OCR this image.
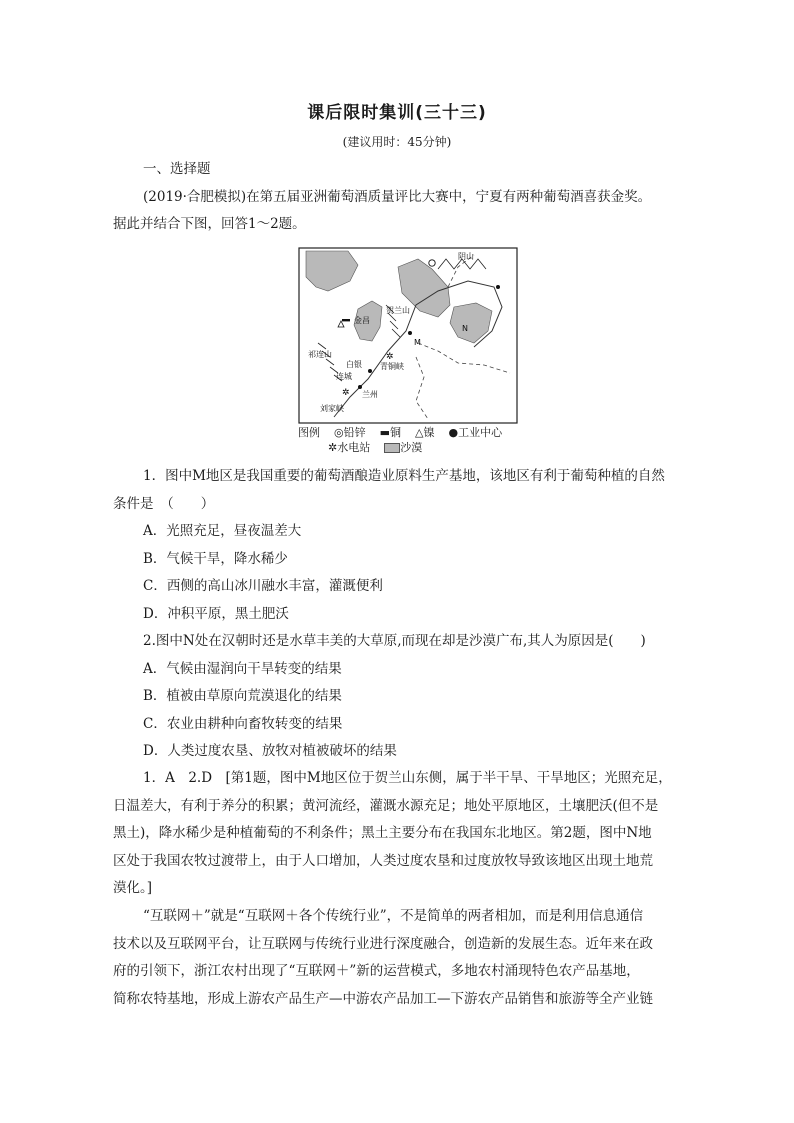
课后限时集训(三十三)
(建议用时：45分钟)
一、选择题
(2019·合肥模拟)在第五届亚洲葡萄酒质量评比大赛中，宁夏有两种葡萄酒喜获金奖。
据此并结合下图，回答1～2题。
✲
✲
阴山
金昌
贺兰山
祁连山
白银 青铜峡
连城
兰州
刘家峡
M
N
图例 ◎铅锌 ▬铜 △镍 ●工业中心
✲水电站	沙漠
1．图中M地区是我国重要的葡萄酒酿造业原料生产基地，该地区有利于葡萄种植的自然
条件是　（　　）
A．光照充足，昼夜温差大
B．气候干旱，降水稀少
C．西侧的高山冰川融水丰富，灌溉便利
D．冲积平原，黑土肥沃
2.图中N处在汉朝时还是水草丰美的大草原,而现在却是沙漠广布,其人为原因是(　　)
A．气候由湿润向干旱转变的结果
B．植被由草原向荒漠退化的结果
C．农业由耕种向畜牧转变的结果
D．人类过度农垦、放牧对植被破坏的结果
1．A　2.D　[第1题，图中M地区位于贺兰山东侧，属于半干旱、干旱地区；光照充足，
日温差大，有利于养分的积累；黄河流经，灌溉水源充足；地处平原地区，土壤肥沃(但不是
黑土)，降水稀少是种植葡萄的不利条件；黑土主要分布在我国东北地区。第2题，图中N地
区处于我国农牧过渡带上，由于人口增加，人类过度农垦和过度放牧导致该地区出现土地荒
漠化。]
“互联网＋”就是“互联网＋各个传统行业”，不是简单的两者相加，而是利用信息通信
技术以及互联网平台，让互联网与传统行业进行深度融合，创造新的发展生态。近年来在政
府的引领下，浙江农村出现了“互联网＋”新的运营模式，多地农村涌现特色农产品基地，
简称农特基地，形成上游农产品生产—中游农产品加工—下游农产品销售和旅游等全产业链
